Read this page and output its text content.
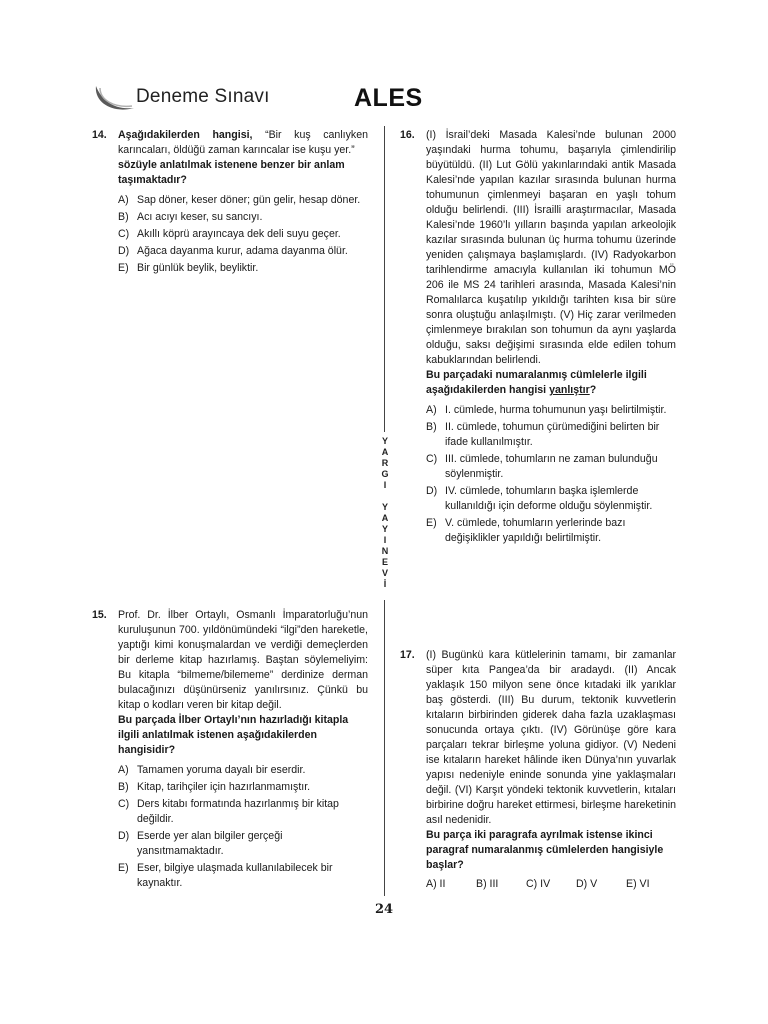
Deneme Sınavı	ALES
Y
A
R
G
I

Y
A
Y
I
N
E
V
İ
14. Aşağıdakilerden hangisi, “Bir kuş canlıyken karıncaları, öldüğü zaman karıncalar ise kuşu yer.”

sözüyle anlatılmak istenene benzer bir anlam taşımaktadır?

A) Sap döner, keser döner; gün gelir, hesap döner.
B) Acı acıyı keser, su sancıyı.
C) Akıllı köprü arayıncaya dek deli suyu geçer.
D) Ağaca dayanma kurur, adama dayanma ölür.
E) Bir günlük beylik, beyliktir.
15. Prof. Dr. İlber Ortaylı, Osmanlı İmparatorluğu’nun kuruluşunun 700. yıldönümündeki “ilgi”den hareketle, yaptığı kimi konuşmalardan ve verdiği demeçlerden bir derleme kitap hazırlamış. Baştan söylemeliyim: Bu kitapla “bilmeme/bilememe” derdinize derman bulacağınızı düşünürseniz yanılırsınız. Çünkü bu kitap o kodları veren bir kitap değil.

Bu parçada İlber Ortaylı’nın hazırladığı kitapla ilgili anlatılmak istenen aşağıdakilerden hangisidir?

A) Tamamen yoruma dayalı bir eserdir.
B) Kitap, tarihçiler için hazırlanmamıştır.
C) Ders kitabı formatında hazırlanmış bir kitap değildir.
D) Eserde yer alan bilgiler gerçeği yansıtmamaktadır.
E) Eser, bilgiye ulaşmada kullanılabilecek bir kaynaktır.
16. (I) İsrail’deki Masada Kalesi’nde bulunan 2000 yaşındaki hurma tohumu, başarıyla çimlendirilip büyütüldü. (II) Lut Gölü yakınlarındaki antik Masada Kalesi’nde yapılan kazılar sırasında bulunan hurma tohumunun çimlenmeyi başaran en yaşlı tohum olduğu belirlendi. (III) İsrailli araştırmacılar, Masada Kalesi’nde 1960’lı yılların başında yapılan arkeolojik kazılar sırasında bulunan üç hurma tohumu üzerinde yeniden çalışmaya başlamışlardı. (IV) Radyokarbon tarihlendirme amacıyla kullanılan iki tohumun MÖ 206 ile MS 24 tarihleri arasında, Masada Kalesi’nin Romalılarca kuşatılıp yıkıldığı tarihten kısa bir süre sonra oluştuğu anlaşılmıştı. (V) Hiç zarar verilmeden çimlenmeye bırakılan son tohumun da aynı yaşlarda olduğu, saksı değişimi sırasında elde edilen tohum kabuklarından belirlendi.

Bu parçadaki numaralanmış cümlelerle ilgili aşağıdakilerden hangisi yanlıştır?

A) I. cümlede, hurma tohumunun yaşı belirtilmiştir.
B) II. cümlede, tohumun çürümediğini belirten bir ifade kullanılmıştır.
C) III. cümlede, tohumların ne zaman bulunduğu söylenmiştir.
D) IV. cümlede, tohumların başka işlemlerde kullanıldığı için deforme olduğu söylenmiştir.
E) V. cümlede, tohumların yerlerinde bazı değişiklikler yapıldığı belirtilmiştir.
17. (I) Bugünkü kara kütlelerinin tamamı, bir zamanlar süper kıta Pangea’da bir aradaydı. (II) Ancak yaklaşık 150 milyon sene önce kıtadaki ilk yarıklar baş gösterdi. (III) Bu durum, tektonik kuvvetlerin kıtaların birbirinden giderek daha fazla uzaklaşması sonucunda ortaya çıktı. (IV) Görünüşe göre kara parçaları tekrar birleşme yoluna gidiyor. (V) Nedeni ise kıtaların hareket hâlinde iken Dünya’nın yuvarlak yapısı nedeniyle eninde sonunda yine yaklaşmaları değil. (VI) Karşıt yöndeki tektonik kuvvetlerin, kıtaları birbirine doğru hareket ettirmesi, birleşme hareketinin asıl nedenidir.

Bu parça iki paragrafa ayrılmak istense ikinci paragraf numaralanmış cümlelerden hangisiyle başlar?

A) II	B) III	C) IV	D) V	E) VI
24
